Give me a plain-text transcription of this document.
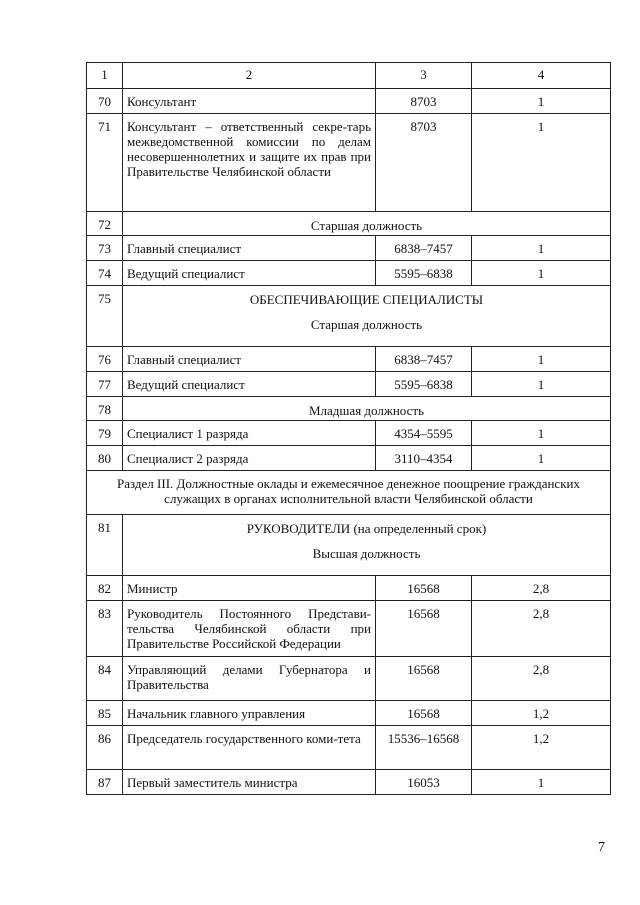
1	2	3	4
70	Консультант	8703	1
71	Консультант – ответственный секре-тарь межведомственной комиссии по делам несовершеннолетних и защите их прав при Правительстве Челябинской области	8703	1
72	Старшая должность		

73	Главный специалист	6838–7457	1
74	Ведущий специалист	5595–6838	1
75	ОБЕСПЕЧИВАЮЩИЕ СПЕЦИАЛИСТЫ
Старшая должность		

76	Главный специалист	6838–7457	1
77	Ведущий специалист	5595–6838	1
78	Младшая должность		

79	Специалист 1 разряда	4354–5595	1
80	Специалист 2 разряда	3110–4354	1
Раздел III. Должностные оклады и ежемесячное денежное поощрение гражданских служащих в органах исполнительной власти Челябинской области			
81	РУКОВОДИТЕЛИ (на определенный срок)
Высшая должность		

82	Министр	16568	2,8
83	Руководитель Постоянного Представи-тельства Челябинской области при Правительстве Российской Федерации	16568	2,8
84	Управляющий делами Губернатора и Правительства	16568	2,8
85	Начальник главного управления	16568	1,2
86	Председатель государственного коми-тета	15536–16568	1,2
87	Первый заместитель министра	16053	1
7
